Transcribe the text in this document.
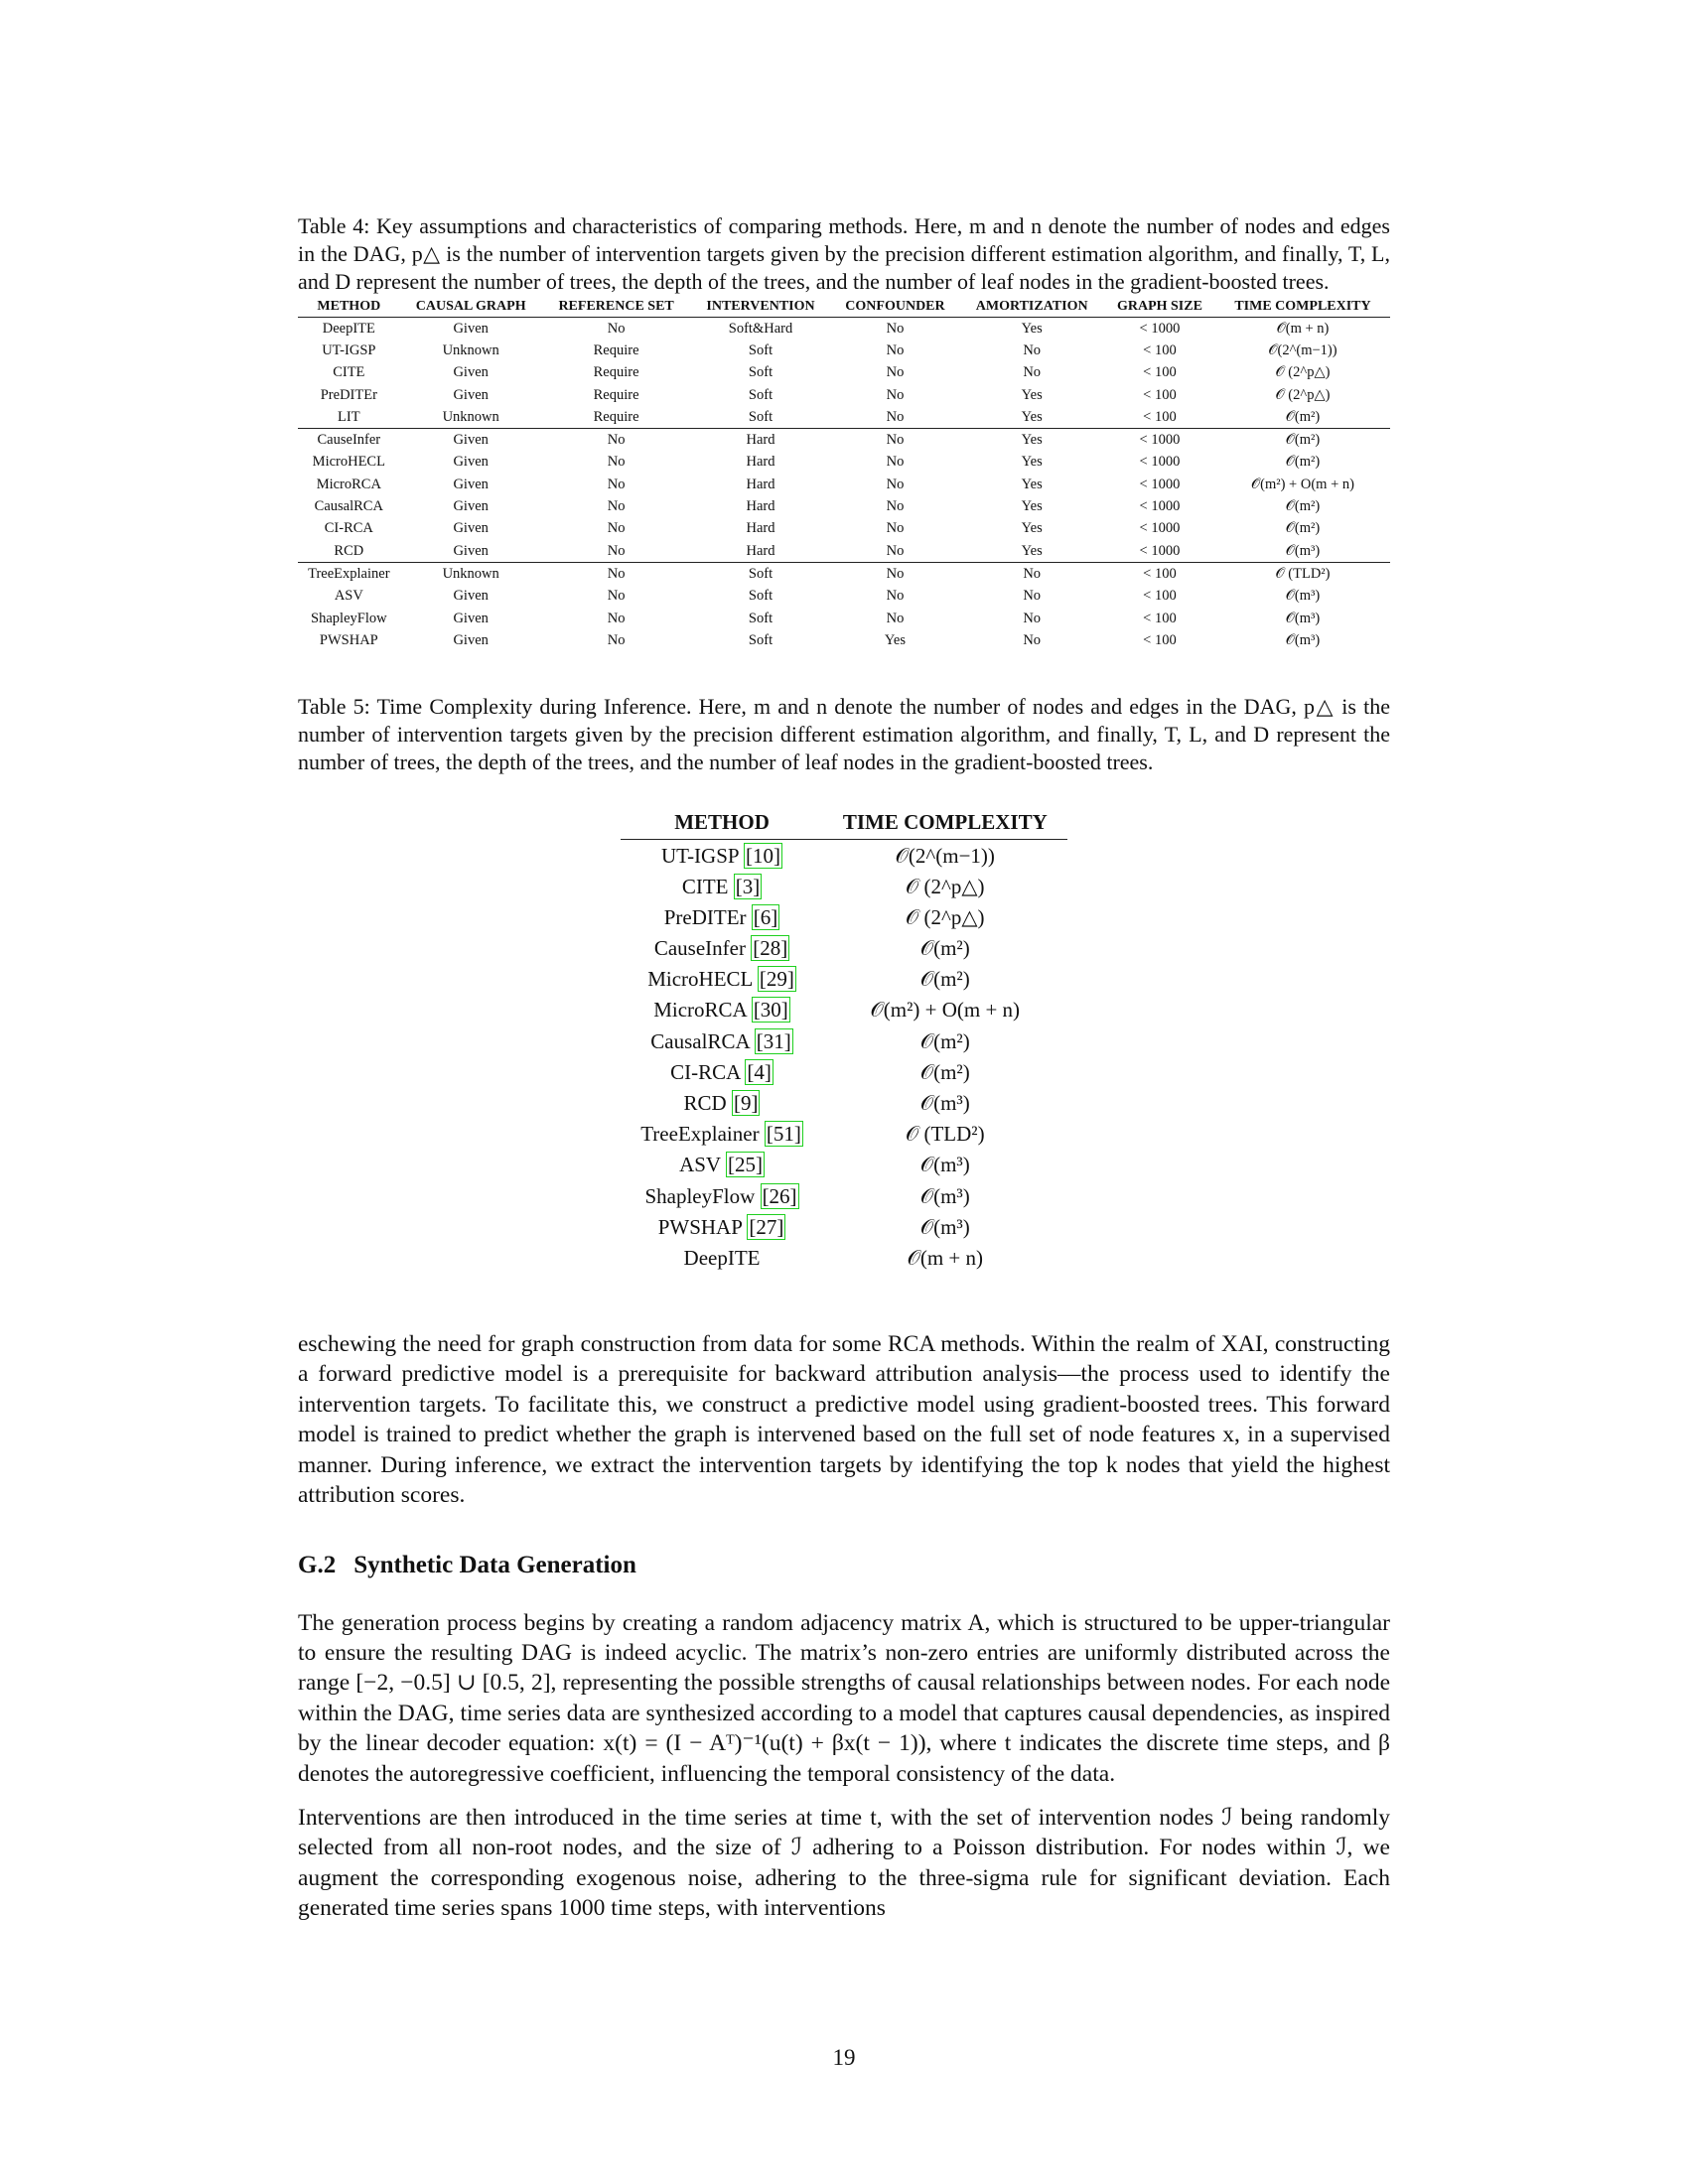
Table 4: Key assumptions and characteristics of comparing methods. Here, m and n denote the number of nodes and edges in the DAG, p△ is the number of intervention targets given by the precision different estimation algorithm, and finally, T, L, and D represent the number of trees, the depth of the trees, and the number of leaf nodes in the gradient-boosted trees.

METHOD	CAUSAL GRAPH	REFERENCE SET	INTERVENTION	CONFOUNDER	AMORTIZATION	GRAPH SIZE	TIME COMPLEXITY
DeepITE	Given	No	Soft&Hard	No	Yes	< 1000	𝒪(m + n)
UT-IGSP	Unknown	Require	Soft	No	No	< 100	𝒪(2^(m−1))
CITE	Given	Require	Soft	No	No	< 100	𝒪 (2^p△)
PreDITEr	Given	Require	Soft	No	Yes	< 100	𝒪 (2^p△)
LIT	Unknown	Require	Soft	No	Yes	< 100	𝒪(m²)
CauseInfer	Given	No	Hard	No	Yes	< 1000	𝒪(m²)
MicroHECL	Given	No	Hard	No	Yes	< 1000	𝒪(m²)
MicroRCA	Given	No	Hard	No	Yes	< 1000	𝒪(m²) + O(m + n)
CausalRCA	Given	No	Hard	No	Yes	< 1000	𝒪(m²)
CI-RCA	Given	No	Hard	No	Yes	< 1000	𝒪(m²)
RCD	Given	No	Hard	No	Yes	< 1000	𝒪(m³)
TreeExplainer	Unknown	No	Soft	No	No	< 100	𝒪 (TLD²)
ASV	Given	No	Soft	No	No	< 100	𝒪(m³)
ShapleyFlow	Given	No	Soft	No	No	< 100	𝒪(m³)
PWSHAP	Given	No	Soft	Yes	No	< 100	𝒪(m³)

Table 5: Time Complexity during Inference. Here, m and n denote the number of nodes and edges in the DAG, p△ is the number of intervention targets given by the precision different estimation algorithm, and finally, T, L, and D represent the number of trees, the depth of the trees, and the number of leaf nodes in the gradient-boosted trees.

METHOD	TIME COMPLEXITY
UT-IGSP [10]	𝒪(2^(m−1))
CITE [3]	𝒪 (2^p△)
PreDITEr [6]	𝒪 (2^p△)
CauseInfer [28]	𝒪(m²)
MicroHECL [29]	𝒪(m²)
MicroRCA [30]	𝒪(m²) + O(m + n)
CausalRCA [31]	𝒪(m²)
CI-RCA [4]	𝒪(m²)
RCD [9]	𝒪(m³)
TreeExplainer [51]	𝒪 (TLD²)
ASV [25]	𝒪(m³)
ShapleyFlow [26]	𝒪(m³)
PWSHAP [27]	𝒪(m³)
DeepITE	𝒪(m + n)

eschewing the need for graph construction from data for some RCA methods. Within the realm of XAI, constructing a forward predictive model is a prerequisite for backward attribution analysis—the process used to identify the intervention targets. To facilitate this, we construct a predictive model using gradient-boosted trees. This forward model is trained to predict whether the graph is intervened based on the full set of node features x, in a supervised manner. During inference, we extract the intervention targets by identifying the top k nodes that yield the highest attribution scores.

G.2 Synthetic Data Generation

The generation process begins by creating a random adjacency matrix A, which is structured to be upper-triangular to ensure the resulting DAG is indeed acyclic. The matrix’s non-zero entries are uniformly distributed across the range [−2, −0.5] ∪ [0.5, 2], representing the possible strengths of causal relationships between nodes. For each node within the DAG, time series data are synthesized according to a model that captures causal dependencies, as inspired by the linear decoder equation: x(t) = (I − Aᵀ)⁻¹(u(t) + βx(t − 1)), where t indicates the discrete time steps, and β denotes the autoregressive coefficient, influencing the temporal consistency of the data.

Interventions are then introduced in the time series at time t, with the set of intervention nodes ℐ being randomly selected from all non-root nodes, and the size of ℐ adhering to a Poisson distribution. For nodes within ℐ, we augment the corresponding exogenous noise, adhering to the three-sigma rule for significant deviation. Each generated time series spans 1000 time steps, with interventions

19
